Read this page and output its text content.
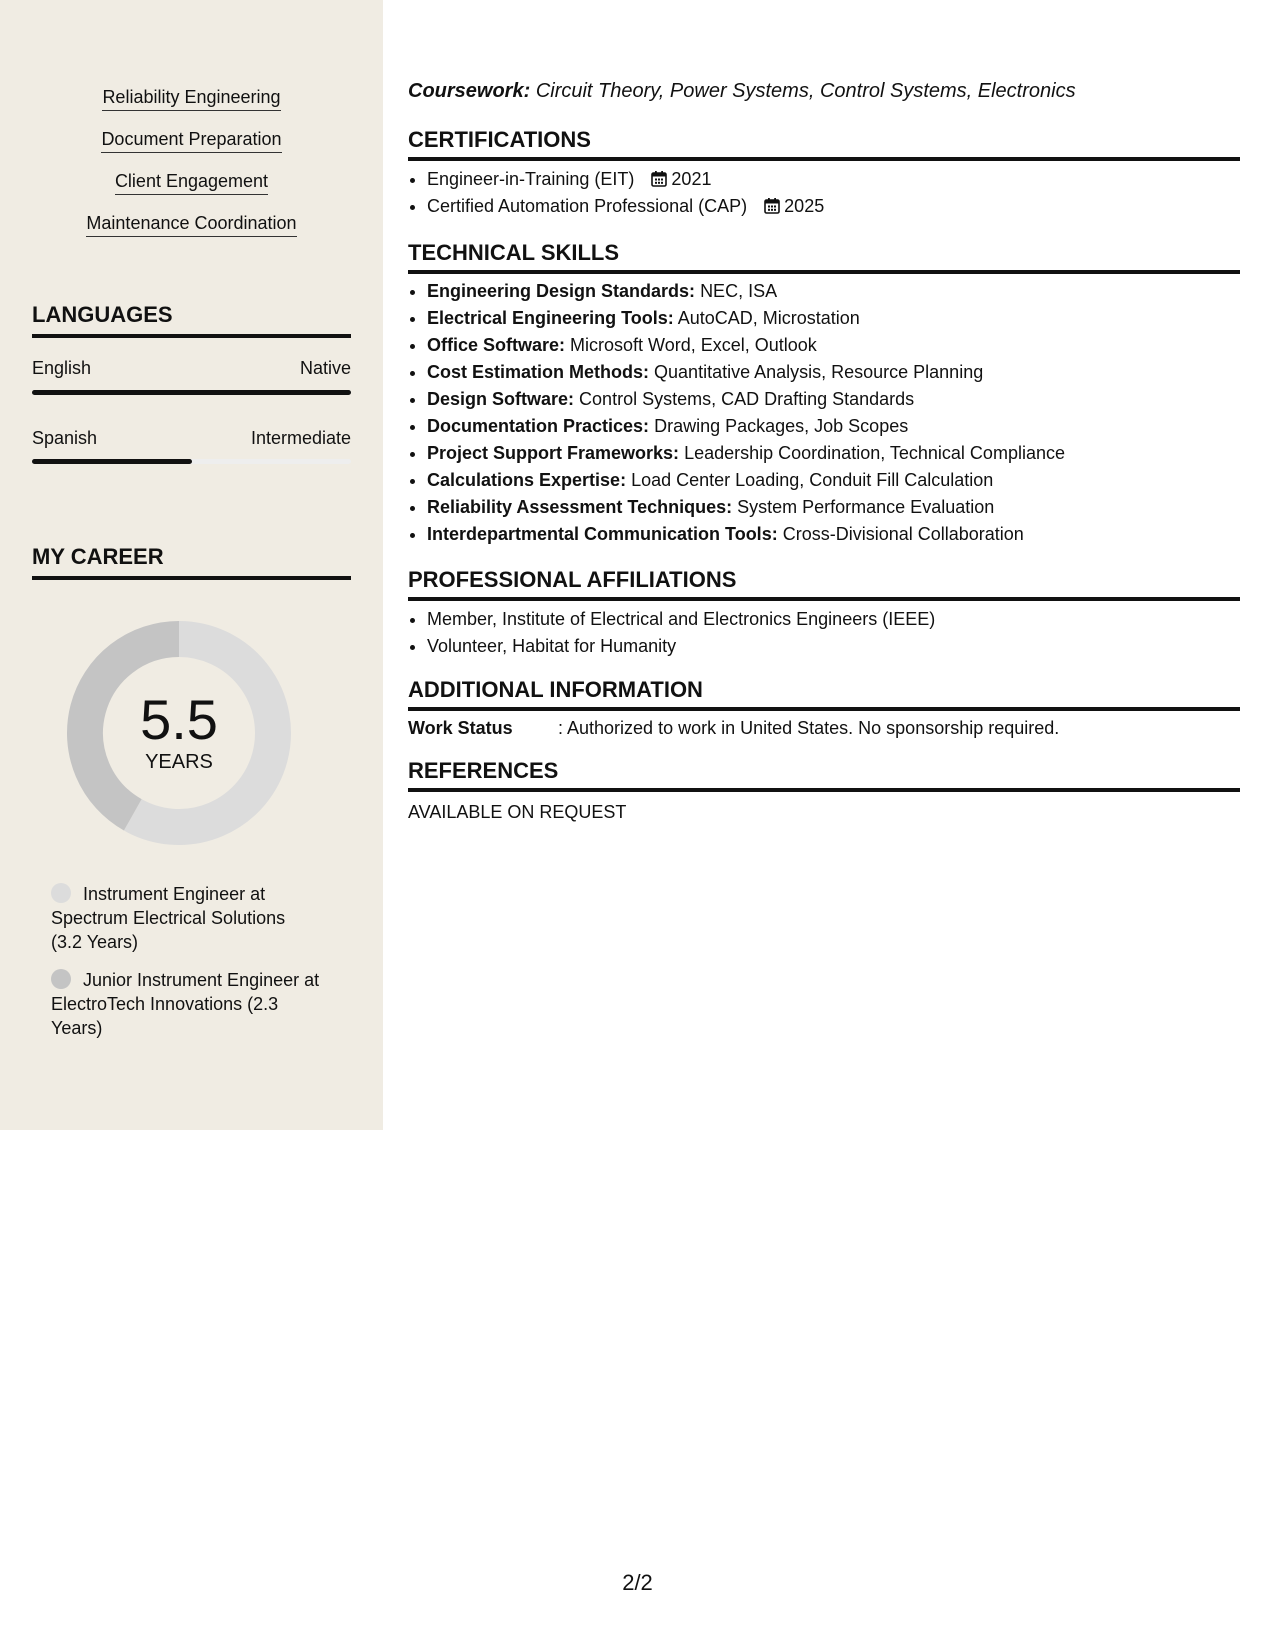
Reliability Engineering
Document Preparation
Client Engagement
Maintenance Coordination
LANGUAGES
English	Native
Spanish	Intermediate
MY CAREER
5.5
YEARS
Instrument Engineer at Spectrum Electrical Solutions (3.2 Years)
Junior Instrument Engineer at ElectroTech Innovations (2.3 Years)
Coursework: Circuit Theory, Power Systems, Control Systems, Electronics
CERTIFICATIONS
• Engineer-in-Training (EIT) 2021
• Certified Automation Professional (CAP) 2025
TECHNICAL SKILLS
• Engineering Design Standards: NEC, ISA
• Electrical Engineering Tools: AutoCAD, Microstation
• Office Software: Microsoft Word, Excel, Outlook
• Cost Estimation Methods: Quantitative Analysis, Resource Planning
• Design Software: Control Systems, CAD Drafting Standards
• Documentation Practices: Drawing Packages, Job Scopes
• Project Support Frameworks: Leadership Coordination, Technical Compliance
• Calculations Expertise: Load Center Loading, Conduit Fill Calculation
• Reliability Assessment Techniques: System Performance Evaluation
• Interdepartmental Communication Tools: Cross-Divisional Collaboration
PROFESSIONAL AFFILIATIONS
• Member, Institute of Electrical and Electronics Engineers (IEEE)
• Volunteer, Habitat for Humanity
ADDITIONAL INFORMATION
Work Status	: Authorized to work in United States. No sponsorship required.
REFERENCES
AVAILABLE ON REQUEST
2/2
